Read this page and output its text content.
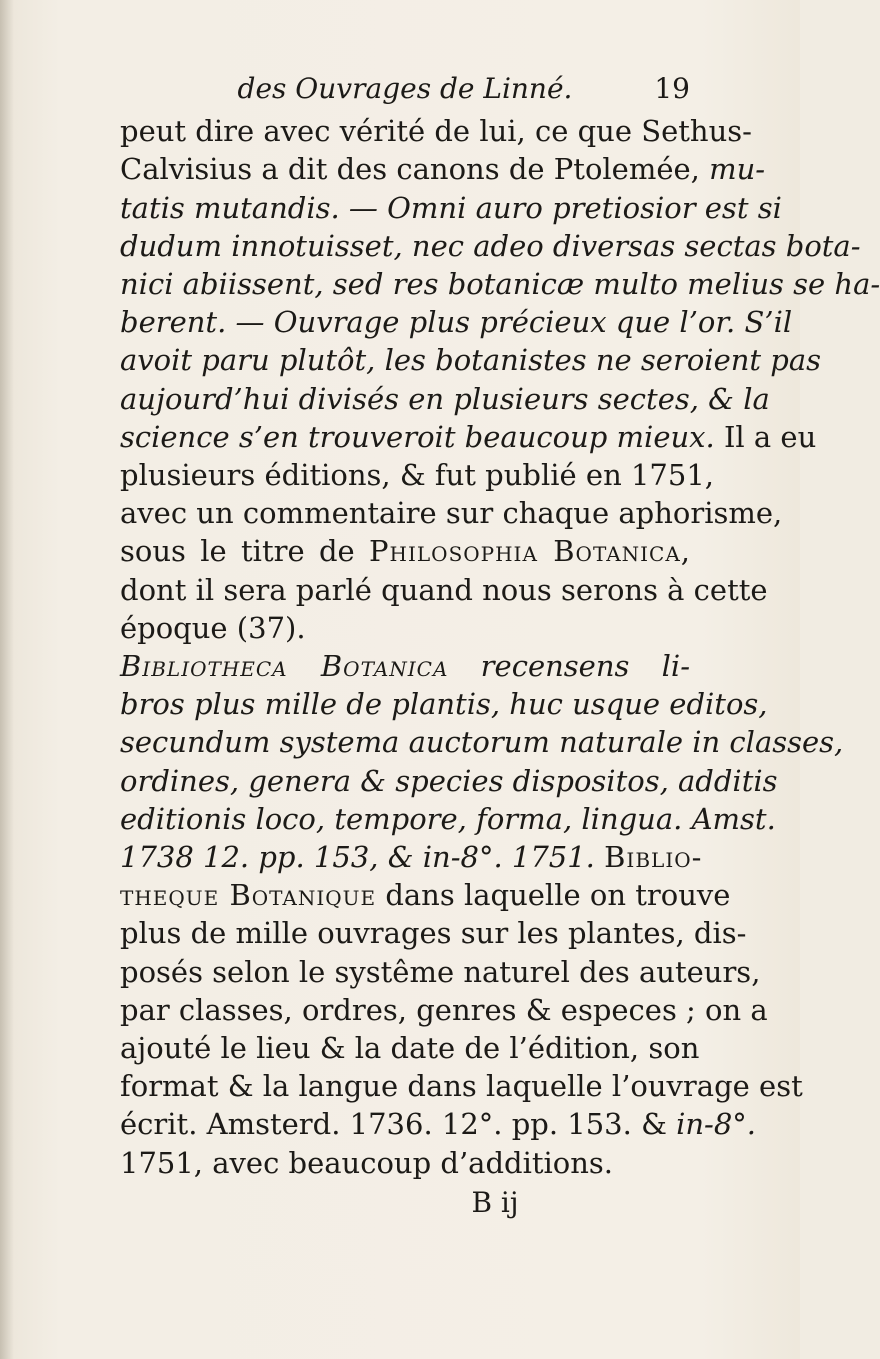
des Ouvrages de Linné.	19
peut dire avec vérité de lui, ce que Sethus-
Calvisius a dit des canons de Ptolemée, mu-
tatis mutandis. — Omni auro pretiosior est si
dudum innotuisset, nec adeo diversas sectas bota-
nici abiissent, sed res botanicæ multo melius se ha-
berent. — Ouvrage plus précieux que l’or. S’il
avoit paru plutôt, les botanistes ne seroient pas
aujourd’hui divisés en plusieurs sectes, & la
science s’en trouveroit beaucoup mieux. Il a eu
plusieurs éditions, & fut publié en 1751,
avec un commentaire sur chaque aphorisme,
sous le titre de Philosophia Botanica,
dont il sera parlé quand nous serons à cette
époque (37).
Bibliotheca Botanica recensens li-
bros plus mille de plantis, huc usque editos,
secundum systema auctorum naturale in classes,
ordines, genera & species dispositos, additis
editionis loco, tempore, forma, lingua. Amst.
1738 12. pp. 153, & in-8°. 1751. Biblio-
theque Botanique dans laquelle on trouve
plus de mille ouvrages sur les plantes, dis-
posés selon le systême naturel des auteurs,
par classes, ordres, genres & especes ; on a
ajouté le lieu & la date de l’édition, son
format & la langue dans laquelle l’ouvrage est
écrit. Amsterd. 1736. 12°. pp. 153. & in-8°.
1751, avec beaucoup d’additions.
B ij
